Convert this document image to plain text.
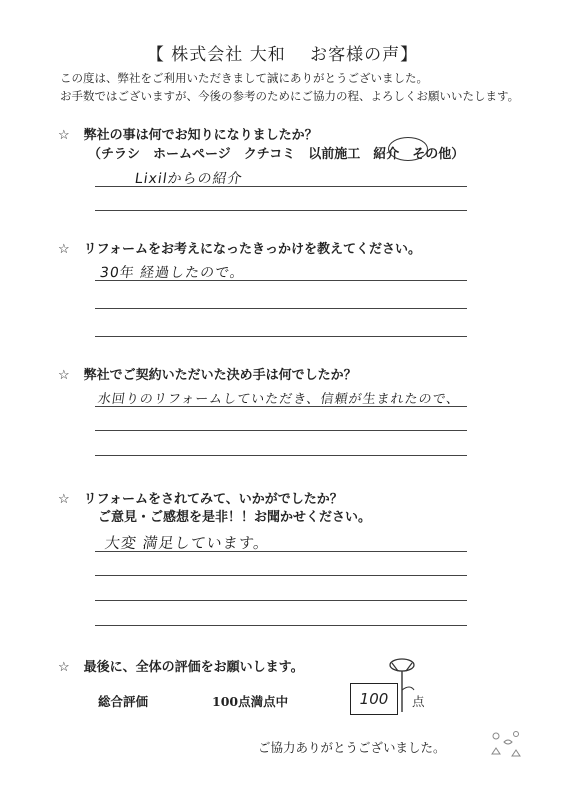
【 株式会社 大和　 お客様の声】
この度は、弊社をご利用いただきまして誠にありがとうございました。
お手数ではございますが、今後の参考のためにご協力の程、よろしくお願いいたします。
☆ 弊社の事は何でお知りになりましたか？
（チラシ　ホームページ　クチコミ　以前施工　紹介　その他）
Lixilからの紹介
☆ リフォームをお考えになったきっかけを教えてください。
30年 経過したので。
☆ 弊社でご契約いただいた決め手は何でしたか？
水回りのリフォームしていただき、信頼が生まれたので、
☆ リフォームをされてみて、いかがでしたか？
ご意見・ご感想を是非！！お聞かせください。
大変 満足しています。
☆ 最後に、全体の評価をお願いします。
総合評価	100点満点中	100	点
ご協力ありがとうございました。
